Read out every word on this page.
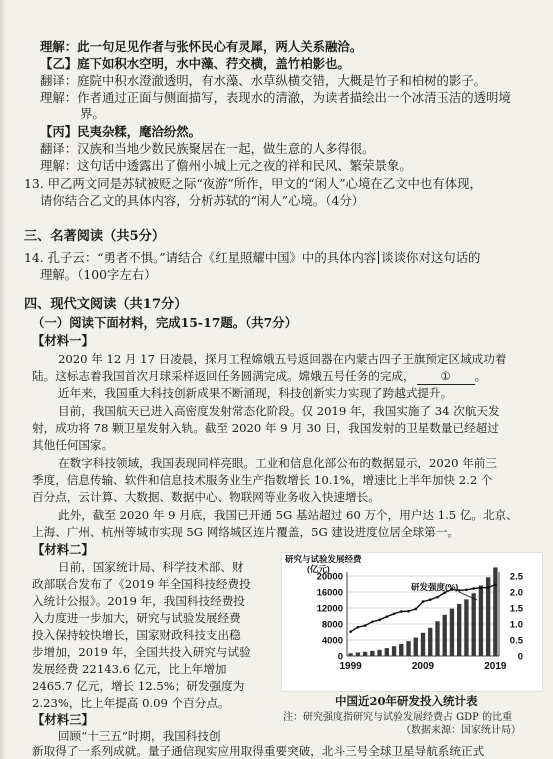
理解：此一句足见作者与张怀民心有灵犀，两人关系融洽。
【乙】庭下如积水空明，水中藻、荇交横，盖竹柏影也。
翻译：庭院中积水澄澈透明，有水藻、水草纵横交错，大概是竹子和柏树的影子。
理解：作者通过正面与侧面描写，表现水的清澈，为读者描绘出一个冰清玉洁的透明境
界。
【丙】民夷杂糅，麾洽纷然。
翻译：汉族和当地少数民族聚居在一起，做生意的人多得很。
理解：这句话中透露出了儋州小城上元之夜的祥和民风、繁荣景象。
13. 甲乙两文同是苏轼被贬之际“夜游”所作，甲文的“闲人”心境在乙文中也有体现，
请你结合乙文的具体内容，分析苏轼的“闲人”心境。（4分）
三、名著阅读（共5分）
14. 孔子云：“勇者不惧。”请结合《红星照耀中国》中的具体内容 谈谈你对这句话的
理解。（100字左右）
四、现代文阅读（共17分）
（一）阅读下面材料，完成15-17题。（共7分）
【材料一】
2020 年 12 月 17 日凌晨，探月工程嫦娥五号返回器在内蒙古四子王旗预定区域成功着
陆。这标志着我国首次月球采样返回任务圆满完成。嫦娥五号任务的完成， ① 。
近年来，我国重大科技创新成果不断涌现，科技创新实力实现了跨越式提升。
目前，我国航天已进入高密度发射常态化阶段。仅 2019 年，我国实施了 34 次航天发
射，成功将 78 颗卫星发射入轨。截至 2020 年 9 月 30 日，我国发射的卫星数量已经超过
其他任何国家。
在数字科技领域，我国表现同样亮眼。工业和信息化部公布的数据显示，2020 年前三
季度，信息传输、软件和信息技术服务业生产指数增长 10.1%，增速比上半年加快 2.2 个
百分点，云计算、大数据、数据中心、物联网等业务收入快速增长。
此外，截至 2020 年 9 月底，我国已开通 5G 基站超过 60 万个，用户达 1.5 亿。北京、
上海、广州、杭州等城市实现 5G 网络城区连片覆盖，5G 建设进度位居全球第一。
【材料二】
日前，国家统计局、科学技术部、财
政部联合发布了《2019 年全国科技经费投
入统计公报》。2019 年，我国科技经费投
入力度进一步加大，研究与试验发展经费
投入保持较快增长，国家财政科技支出稳
步增加，2019 年，全国共投入研究与试验
发展经费 22143.6 亿元，比上年增加
2465.7 亿元，增长 12.5%；研发强度为
2.23%，比上年提高 0.09 个百分点。
【材料三】
回顾“十三五”时期，我国科技创
新取得了一系列成就。量子通信现实应用取得重要突破，北斗三号全球卫星导航系统正式
研究与试验发展经费
(亿元)
20000
16000
12000
8000
4000
0
2.5
2.0
1.5
1.0
0.5
0
研发强度(%)
1999	2009	2019
中国近20年研发投入统计表
注：研究强度指研究与试验发展经费占 GDP 的比重
（数据来源：国家统计局）
